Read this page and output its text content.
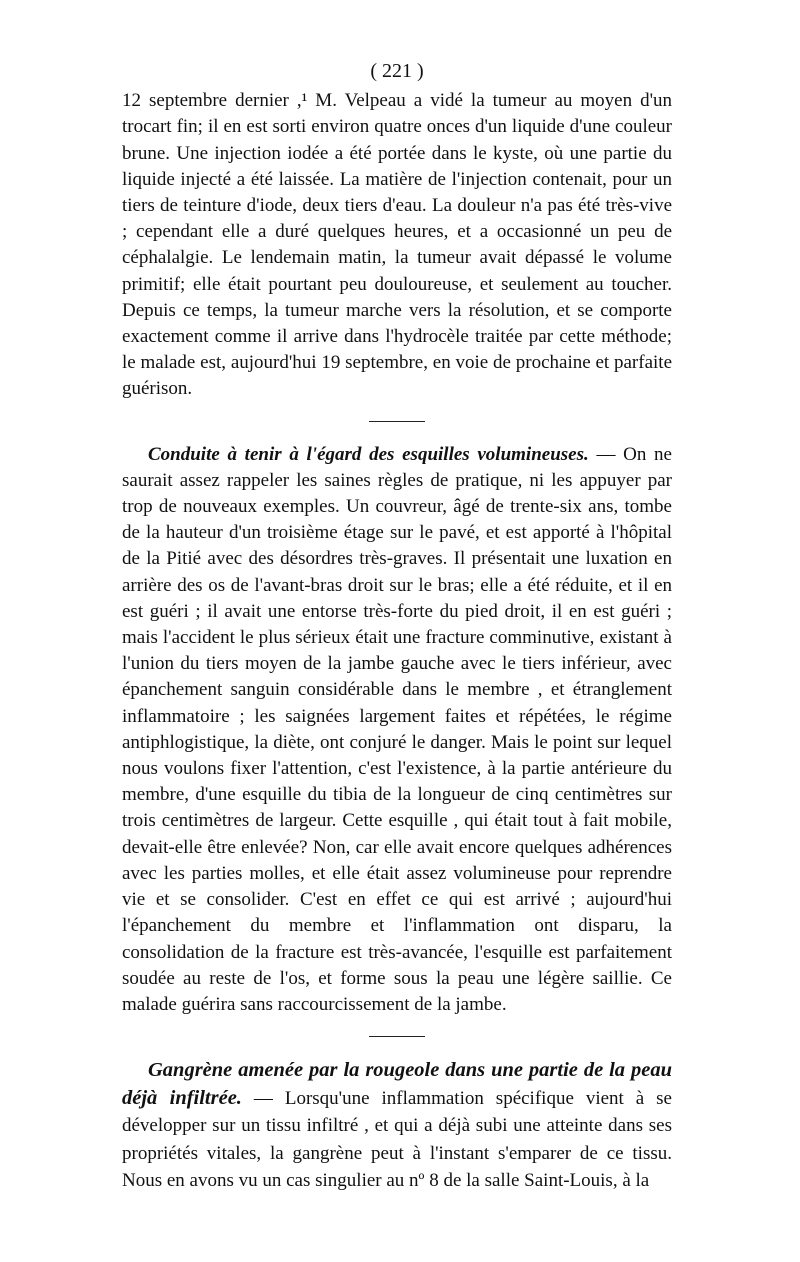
( 221 )

12 septembre dernier ,¹ M. Velpeau a vidé la tumeur au moyen d'un trocart fin; il en est sorti environ quatre onces d'un liquide d'une couleur brune. Une injection iodée a été portée dans le kyste, où une partie du liquide injecté a été laissée. La matière de l'injection contenait, pour un tiers de teinture d'iode, deux tiers d'eau. La douleur n'a pas été très-vive ; cependant elle a duré quelques heures, et a occasionné un peu de céphalalgie. Le lendemain matin, la tumeur avait dépassé le volume primitif; elle était pourtant peu douloureuse, et seulement au toucher. Depuis ce temps, la tumeur marche vers la résolution, et se comporte exactement comme il arrive dans l'hydrocèle traitée par cette méthode; le malade est, aujourd'hui 19 septembre, en voie de prochaine et parfaite guérison.

Conduite à tenir à l'égard des esquilles volumineuses. — On ne saurait assez rappeler les saines règles de pratique, ni les appuyer par trop de nouveaux exemples. Un couvreur, âgé de trente-six ans, tombe de la hauteur d'un troisième étage sur le pavé, et est apporté à l'hôpital de la Pitié avec des désordres très-graves. Il présentait une luxation en arrière des os de l'avant-bras droit sur le bras; elle a été réduite, et il en est guéri ; il avait une entorse très-forte du pied droit, il en est guéri ; mais l'accident le plus sérieux était une fracture comminutive, existant à l'union du tiers moyen de la jambe gauche avec le tiers inférieur, avec épanchement sanguin considérable dans le membre , et étranglement inflammatoire ; les saignées largement faites et répétées, le régime antiphlogistique, la diète, ont conjuré le danger. Mais le point sur lequel nous voulons fixer l'attention, c'est l'existence, à la partie antérieure du membre, d'une esquille du tibia de la longueur de cinq centimètres sur trois centimètres de largeur. Cette esquille , qui était tout à fait mobile, devait-elle être enlevée? Non, car elle avait encore quelques adhérences avec les parties molles, et elle était assez volumineuse pour reprendre vie et se consolider. C'est en effet ce qui est arrivé ; aujourd'hui l'épanchement du membre et l'inflammation ont disparu, la consolidation de la fracture est très-avancée, l'esquille est parfaitement soudée au reste de l'os, et forme sous la peau une légère saillie. Ce malade guérira sans raccourcissement de la jambe.

Gangrène amenée par la rougeole dans une partie de la peau déjà infiltrée. — Lorsqu'une inflammation spécifique vient à se développer sur un tissu infiltré , et qui a déjà subi une atteinte dans ses propriétés vitales, la gangrène peut à l'instant s'emparer de ce tissu. Nous en avons vu un cas singulier au nº 8 de la salle Saint-Louis, à la
